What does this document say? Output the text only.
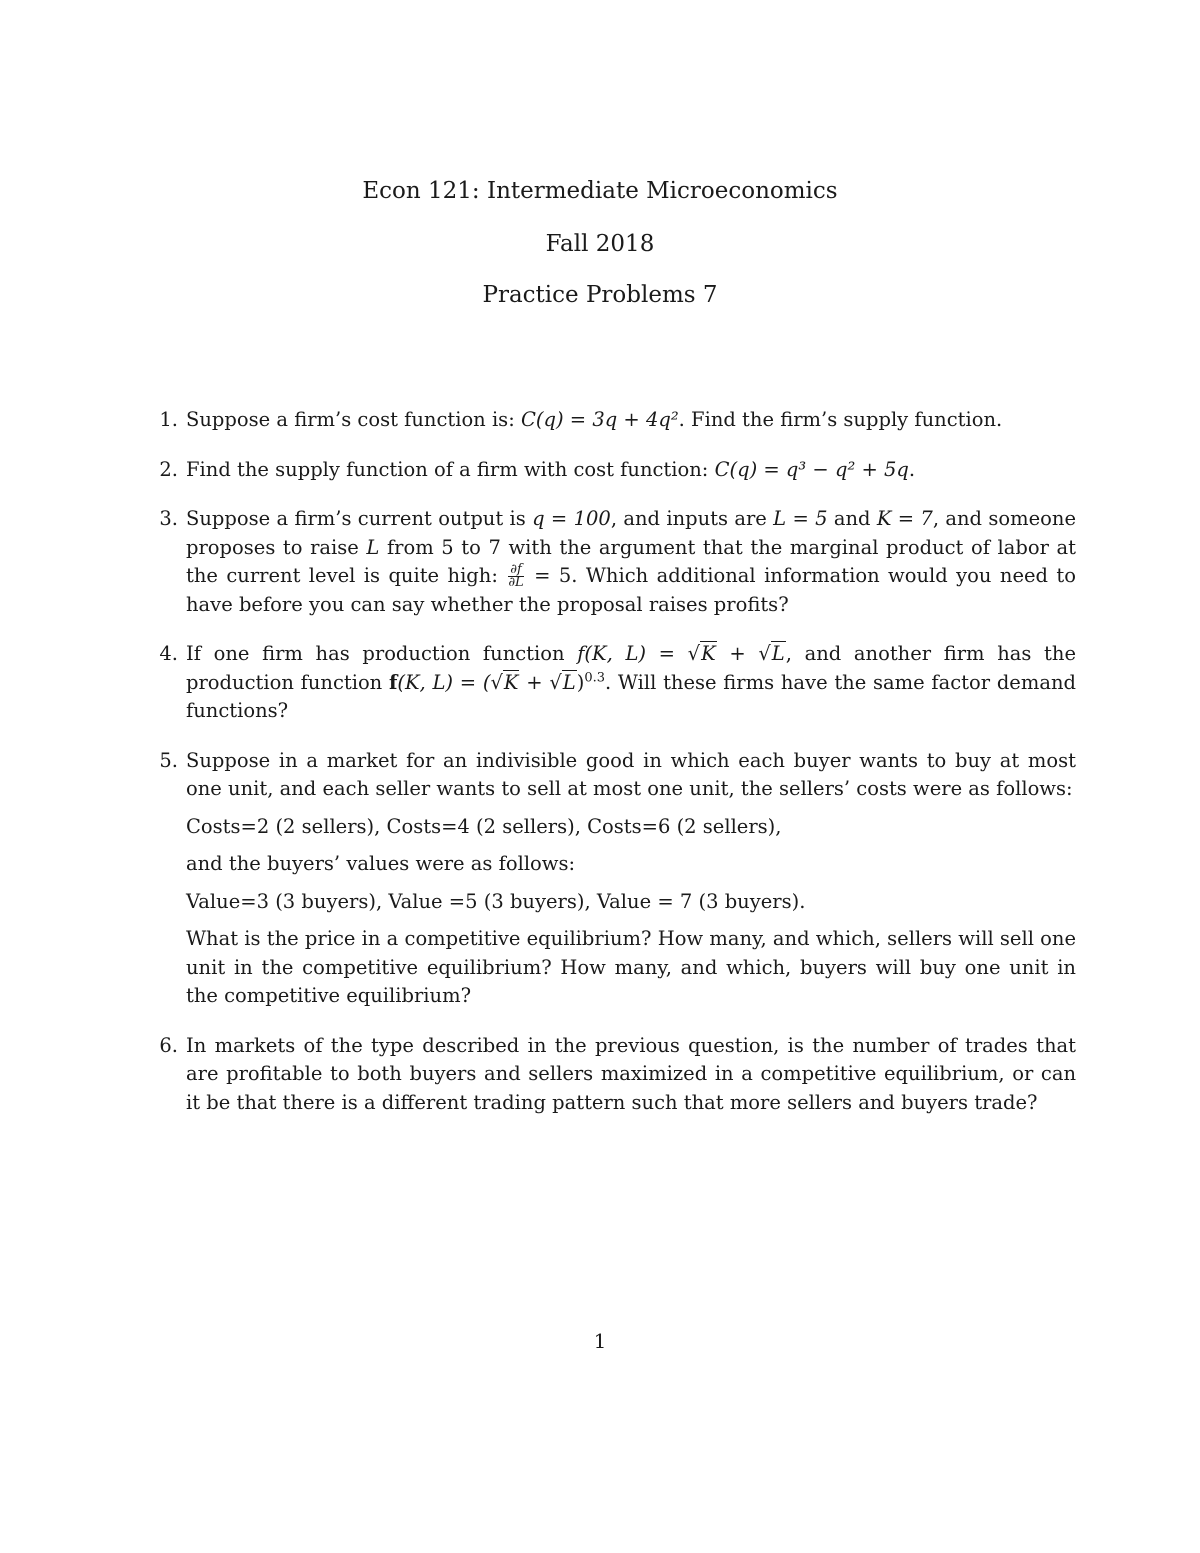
Econ 121: Intermediate Microeconomics
Fall 2018
Practice Problems 7
1. Suppose a firm’s cost function is: C(q) = 3q + 4q². Find the firm’s supply function.

2. Find the supply function of a firm with cost function: C(q) = q³ − q² + 5q.

3. Suppose a firm’s current output is q = 100, and inputs are L = 5 and K = 7, and someone proposes to raise L from 5 to 7 with the argument that the marginal product of labor at the current level is quite high: $\frac{\partial f}{\partial L} = 5$. Which additional information would you need to have before you can say whether the proposal raises profits?

4. If one firm has production function f(K, L) = √K + √L, and another firm has the production function f(K, $L) = (√K + √L)^{0.3}$. Will these firms have the same factor demand functions?

5. Suppose in a market for an indivisible good in which each buyer wants to buy at most one unit, and each seller wants to sell at most one unit, the sellers’ costs were as follows:

Costs=2 (2 sellers), Costs=4 (2 sellers), Costs=6 (2 sellers),

and the buyers’ values were as follows:

Value=3 (3 buyers), Value =5 (3 buyers), Value = 7 (3 buyers).

What is the price in a competitive equilibrium? How many, and which, sellers will sell one unit in the competitive equilibrium? How many, and which, buyers will buy one unit in the competitive equilibrium?

6. In markets of the type described in the previous question, is the number of trades that are profitable to both buyers and sellers maximized in a competitive equilibrium, or can it be that there is a different trading pattern such that more sellers and buyers trade?

1
